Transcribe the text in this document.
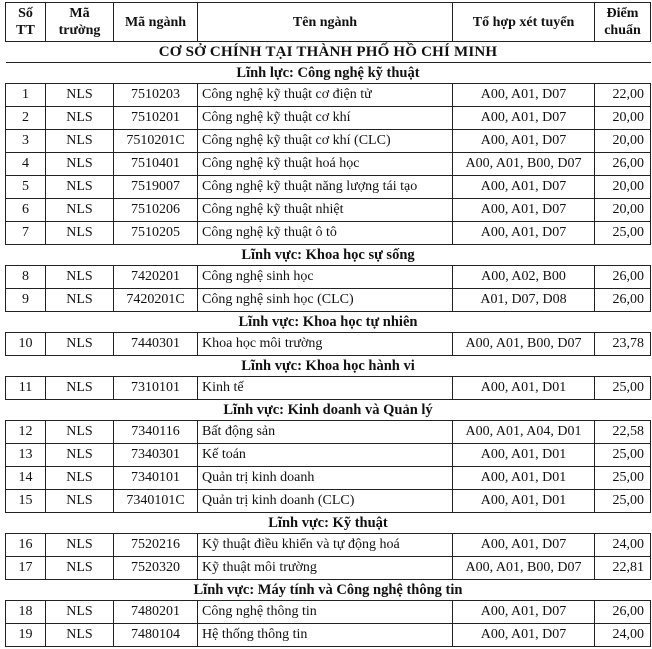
Số TT	Mã trường	Mã ngành	Tên ngành	Tổ hợp xét tuyển	Điểm chuẩn
CƠ SỞ CHÍNH TẠI THÀNH PHỐ HỒ CHÍ MINH					
Lĩnh lực: Công nghệ kỹ thuật					
1	NLS	7510203	Công nghệ kỹ thuật cơ điện tử	A00, A01, D07	22,00
2	NLS	7510201	Công nghệ kỹ thuật cơ khí	A00, A01, D07	20,00
3	NLS	7510201C	Công nghệ kỹ thuật cơ khí (CLC)	A00, A01, D07	20,00
4	NLS	7510401	Công nghệ kỹ thuật hoá học	A00, A01, B00, D07	26,00
5	NLS	7519007	Công nghệ kỹ thuật năng lượng tái tạo	A00, A01, D07	20,00
6	NLS	7510206	Công nghệ kỹ thuật nhiệt	A00, A01, D07	20,00
7	NLS	7510205	Công nghệ kỹ thuật ô tô	A00, A01, D07	25,00
Lĩnh vực: Khoa học sự sống					
8	NLS	7420201	Công nghệ sinh học	A00, A02, B00	26,00
9	NLS	7420201C	Công nghệ sinh học (CLC)	A01, D07, D08	26,00
Lĩnh vực: Khoa học tự nhiên					
10	NLS	7440301	Khoa học môi trường	A00, A01, B00, D07	23,78
Lĩnh vực: Khoa học hành vi					
11	NLS	7310101	Kinh tế	A00, A01, D01	25,00
Lĩnh vực: Kinh doanh và Quản lý					
12	NLS	7340116	Bất động sản	A00, A01, A04, D01	22,58
13	NLS	7340301	Kế toán	A00, A01, D01	25,00
14	NLS	7340101	Quản trị kinh doanh	A00, A01, D01	25,00
15	NLS	7340101C	Quản trị kinh doanh (CLC)	A00, A01, D01	25,00
Lĩnh vực: Kỹ thuật					
16	NLS	7520216	Kỹ thuật điều khiển và tự động hoá	A00, A01, D07	24,00
17	NLS	7520320	Kỹ thuật môi trường	A00, A01, B00, D07	22,81
Lĩnh vực: Máy tính và Công nghệ thông tin					
18	NLS	7480201	Công nghệ thông tin	A00, A01, D07	26,00
19	NLS	7480104	Hệ thống thông tin	A00, A01, D07	24,00
